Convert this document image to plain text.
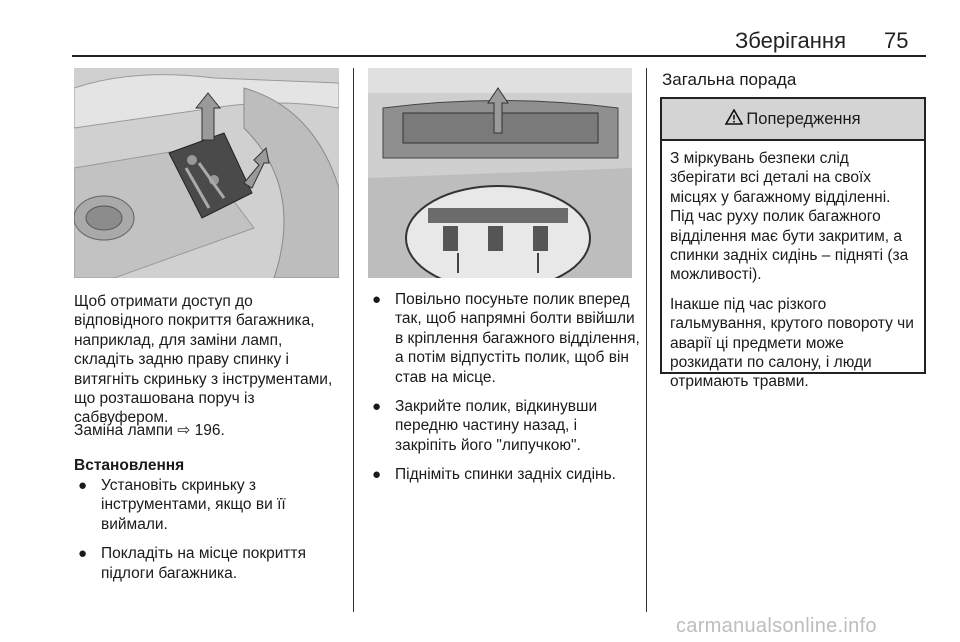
Зберігання 75

Щоб отримати доступ до відповідного покриття багажника, наприклад, для заміни ламп, складіть задню праву спинку і витягніть скриньку з інструментами, що розташована поруч із сабвуфером.

Заміна лампи ⇨ 196.

Встановлення
● Установіть скриньку з інструментами, якщо ви її виймали.
● Покладіть на місце покриття підлоги багажника.
● Повільно посуньте полик вперед так, щоб напрямні болти ввійшли в кріплення багажного відділення, а потім відпустіть полик, щоб він став на місце.
● Закрийте полик, відкинувши передню частину назад, і закріпіть його "липучкою".
● Підніміть спинки задніх сидінь.
Загальна порада
Попередження

З міркувань безпеки слід зберігати всі деталі на своїх місцях у багажному відділенні. Під час руху полик багажного відділення має бути закритим, а спинки задніх сидінь – підняті (за можливості).

Інакше під час різкого гальмування, крутого повороту чи аварії ці предмети може розкидати по салону, і люди отримають травми.

carmanualsonline.info
